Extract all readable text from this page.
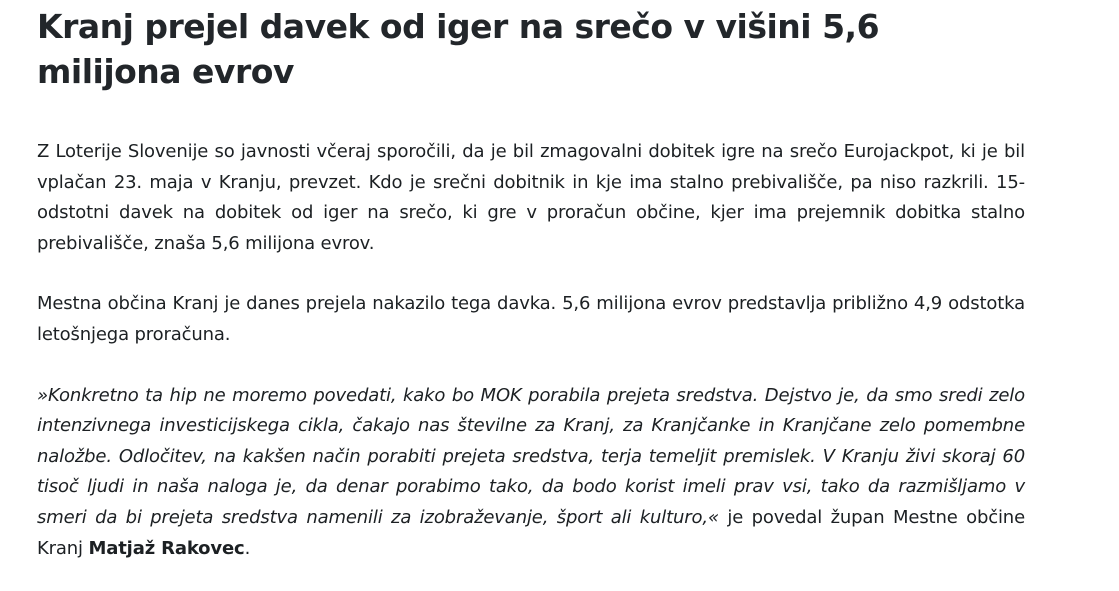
Kranj prejel davek od iger na srečo v višini 5,6 milijona evrov

Z Loterije Slovenije so javnosti včeraj sporočili, da je bil zmagovalni dobitek igre na srečo Eurojackpot, ki je bil vplačan 23. maja v Kranju, prevzet. Kdo je srečni dobitnik in kje ima stalno prebivališče, pa niso razkrili. 15-odstotni davek na dobitek od iger na srečo, ki gre v proračun občine, kjer ima prejemnik dobitka stalno prebivališče, znaša 5,6 milijona evrov.

Mestna občina Kranj je danes prejela nakazilo tega davka. 5,6 milijona evrov predstavlja približno 4,9 odstotka letošnjega proračuna.

»Konkretno ta hip ne moremo povedati, kako bo MOK porabila prejeta sredstva. Dejstvo je, da smo sredi zelo intenzivnega investicijskega cikla, čakajo nas številne za Kranj, za Kranjčanke in Kranjčane zelo pomembne naložbe. Odločitev, na kakšen način porabiti prejeta sredstva, terja temeljit premislek. V Kranju živi skoraj 60 tisoč ljudi in naša naloga je, da denar porabimo tako, da bodo korist imeli prav vsi, tako da razmišljamo v smeri da bi prejeta sredstva namenili za izobraževanje, šport ali kulturo,« je povedal župan Mestne občine Kranj Matjaž Rakovec.
